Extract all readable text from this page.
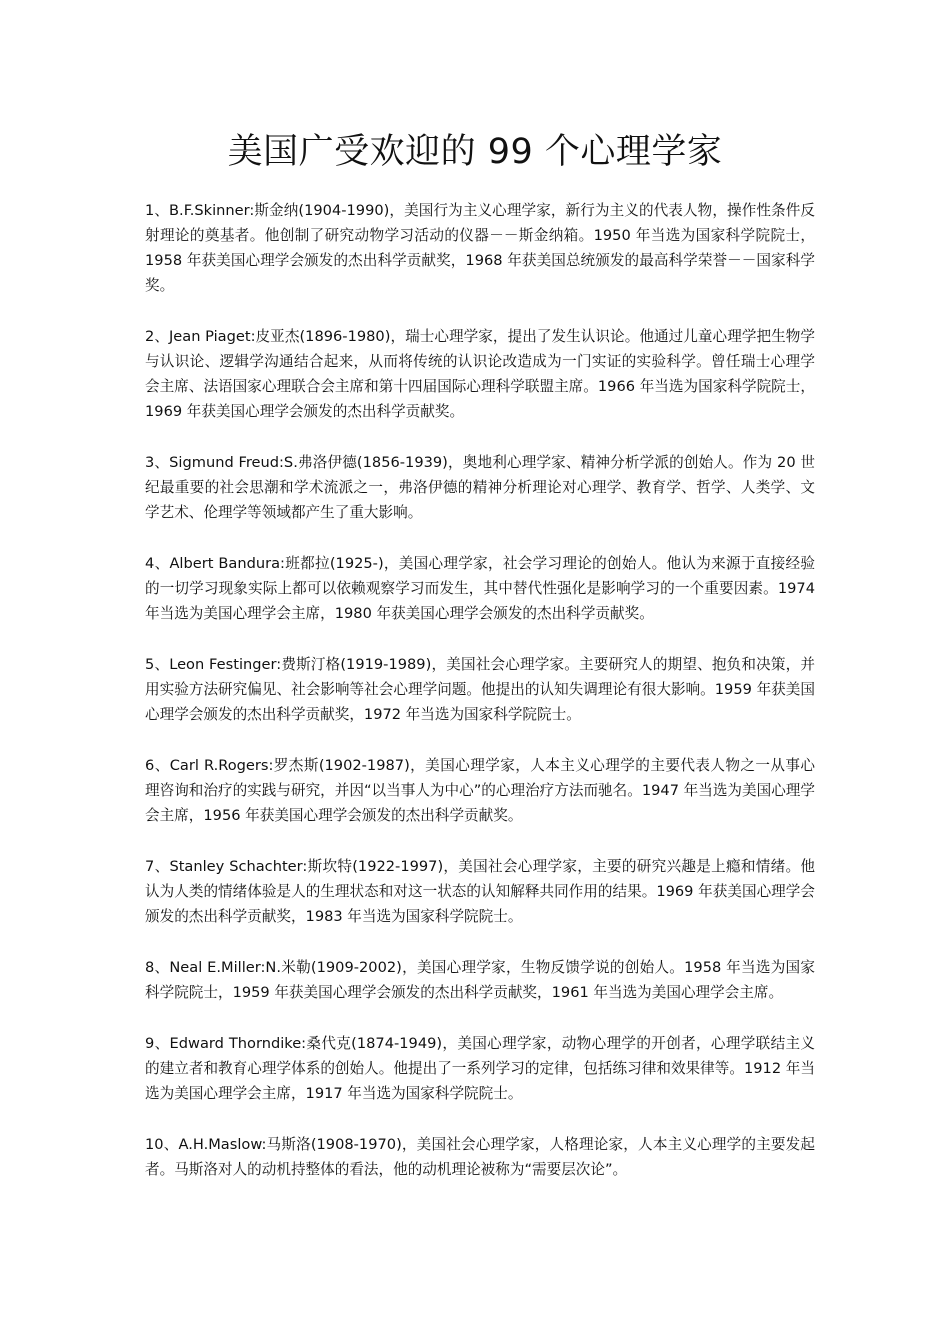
美国广受欢迎的 99 个心理学家

1、B.F.Skinner:斯金纳(1904-1990)，美国行为主义心理学家，新行为主义的代表人物，操作性条件反射理论的奠基者。他创制了研究动物学习活动的仪器－－斯金纳箱。1950 年当选为国家科学院院士，1958 年获美国心理学会颁发的杰出科学贡献奖，1968 年获美国总统颁发的最高科学荣誉－－国家科学奖。

2、Jean Piaget:皮亚杰(1896-1980)，瑞士心理学家，提出了发生认识论。他通过儿童心理学把生物学与认识论、逻辑学沟通结合起来，从而将传统的认识论改造成为一门实证的实验科学。曾任瑞士心理学会主席、法语国家心理联合会主席和第十四届国际心理科学联盟主席。1966 年当选为国家科学院院士，1969 年获美国心理学会颁发的杰出科学贡献奖。

3、Sigmund Freud:S.弗洛伊德(1856-1939)，奥地利心理学家、精神分析学派的创始人。作为 20 世纪最重要的社会思潮和学术流派之一，弗洛伊德的精神分析理论对心理学、教育学、哲学、人类学、文学艺术、伦理学等领域都产生了重大影响。

4、Albert Bandura:班都拉(1925-)，美国心理学家，社会学习理论的创始人。他认为来源于直接经验的一切学习现象实际上都可以依赖观察学习而发生，其中替代性强化是影响学习的一个重要因素。1974 年当选为美国心理学会主席，1980 年获美国心理学会颁发的杰出科学贡献奖。

5、Leon Festinger:费斯汀格(1919-1989)，美国社会心理学家。主要研究人的期望、抱负和决策，并用实验方法研究偏见、社会影响等社会心理学问题。他提出的认知失调理论有很大影响。1959 年获美国心理学会颁发的杰出科学贡献奖，1972 年当选为国家科学院院士。

6、Carl R.Rogers:罗杰斯(1902-1987)，美国心理学家，人本主义心理学的主要代表人物之一从事心理咨询和治疗的实践与研究，并因“以当事人为中心”的心理治疗方法而驰名。1947 年当选为美国心理学会主席，1956 年获美国心理学会颁发的杰出科学贡献奖。

7、Stanley Schachter:斯坎特(1922-1997)，美国社会心理学家，主要的研究兴趣是上瘾和情绪。他认为人类的情绪体验是人的生理状态和对这一状态的认知解释共同作用的结果。1969 年获美国心理学会颁发的杰出科学贡献奖，1983 年当选为国家科学院院士。

8、Neal E.Miller:N.米勒(1909-2002)，美国心理学家，生物反馈学说的创始人。1958 年当选为国家科学院院士，1959 年获美国心理学会颁发的杰出科学贡献奖，1961 年当选为美国心理学会主席。

9、Edward Thorndike:桑代克(1874-1949)，美国心理学家，动物心理学的开创者，心理学联结主义的建立者和教育心理学体系的创始人。他提出了一系列学习的定律，包括练习律和效果律等。1912 年当选为美国心理学会主席，1917 年当选为国家科学院院士。

10、A.H.Maslow:马斯洛(1908-1970)，美国社会心理学家，人格理论家，人本主义心理学的主要发起者。马斯洛对人的动机持整体的看法，他的动机理论被称为“需要层次论”。
